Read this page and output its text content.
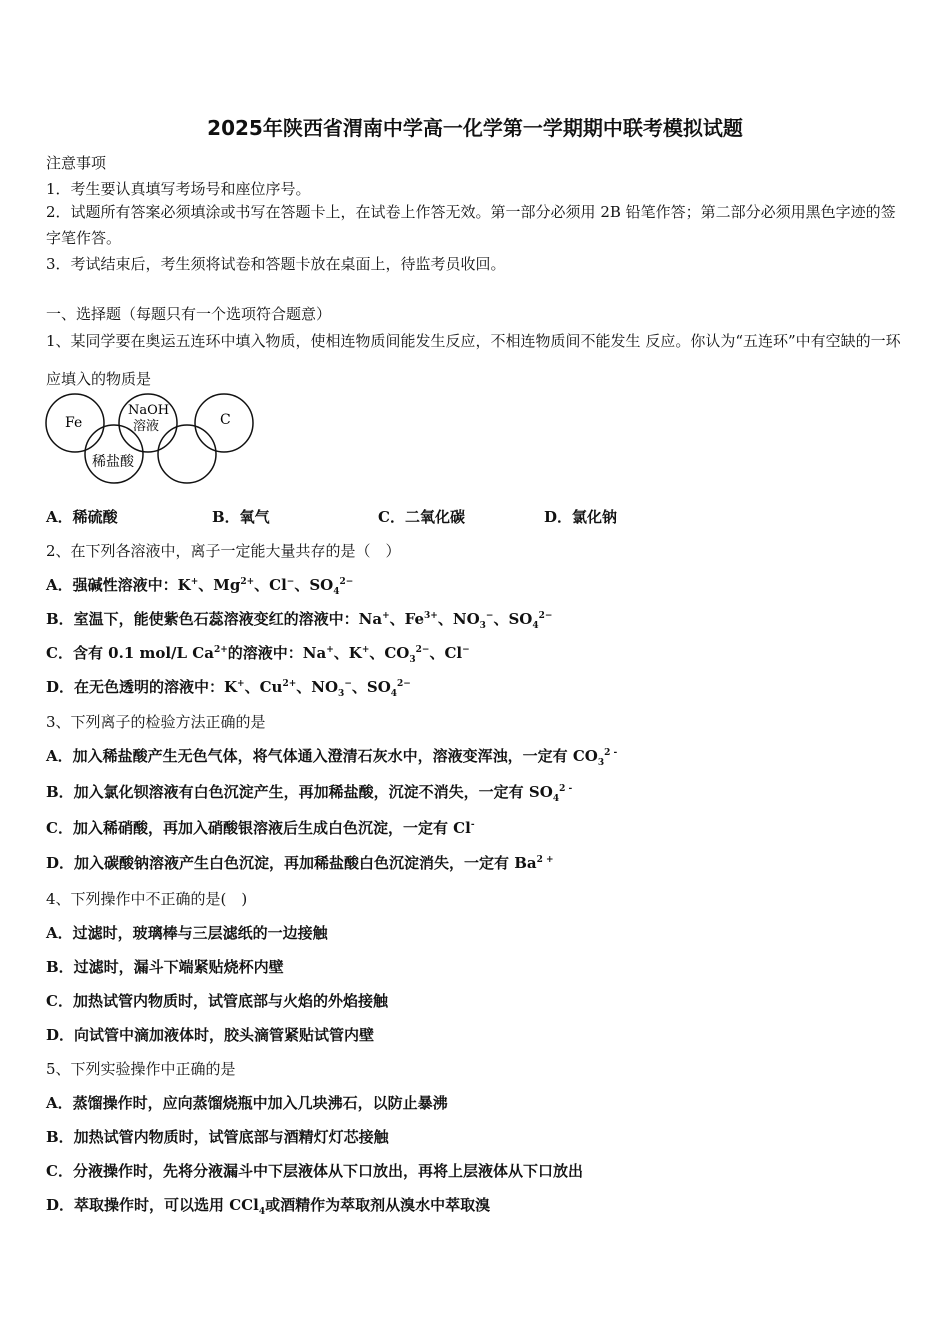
2025年陕西省渭南中学高一化学第一学期期中联考模拟试题
注意事项
1．考生要认真填写考场号和座位序号。
2．试题所有答案必须填涂或书写在答题卡上，在试卷上作答无效。第一部分必须用 2B 铅笔作答；第二部分必须用黑色字迹的签字笔作答。
3．考试结束后，考生须将试卷和答题卡放在桌面上，待监考员收回。
一、选择题（每题只有一个选项符合题意）
1、某同学要在奥运五连环中填入物质，使相连物质间能发生反应，不相连物质间不能发生 反应。你认为“五连环”中有空缺的一环应填入的物质是
Fe
NaOH
溶液	C
稀盐酸
A．稀硫酸	B．氧气	C．二氧化碳	D．氯化钠
2、在下列各溶液中，离子一定能大量共存的是（　）
A．强碱性溶液中：K+、$Mg^{2+}$、Cl−、$SO_4^{2-}$
B．室温下，能使紫色石蕊溶液变红的溶液中：Na+、$Fe^{3+}$、$NO_3^-$、$SO_4^{2-}$
C．含有 0.1 mol/L $Ca^{2+}$的溶液中：Na+、K+、$CO_3^{2-}$、Cl−
D．在无色透明的溶液中：K+、$Cu^{2+}$、$NO_3^-$、$SO_4^{2-}$
3、下列离子的检验方法正确的是
A．加入稀盐酸产生无色气体，将气体通入澄清石灰水中，溶液变浑浊，一定有 $CO_3^{2 -}$
B．加入氯化钡溶液有白色沉淀产生，再加稀盐酸，沉淀不消失，一定有 $SO_4^{2 -}$
C．加入稀硝酸，再加入硝酸银溶液后生成白色沉淀，一定有 Cl-
D．加入碳酸钠溶液产生白色沉淀，再加稀盐酸白色沉淀消失，一定有 $Ba^{2 +}$
4、下列操作中不正确的是(　)
A．过滤时，玻璃棒与三层滤纸的一边接触
B．过滤时，漏斗下端紧贴烧杯内壁
C．加热试管内物质时，试管底部与火焰的外焰接触
D．向试管中滴加液体时，胶头滴管紧贴试管内壁
5、下列实验操作中正确的是
A．蒸馏操作时，应向蒸馏烧瓶中加入几块沸石，以防止暴沸
B．加热试管内物质时，试管底部与酒精灯灯芯接触
C．分液操作时，先将分液漏斗中下层液体从下口放出，再将上层液体从下口放出
D．萃取操作时，可以选用 CCl$_4$或酒精作为萃取剂从溴水中萃取溴
